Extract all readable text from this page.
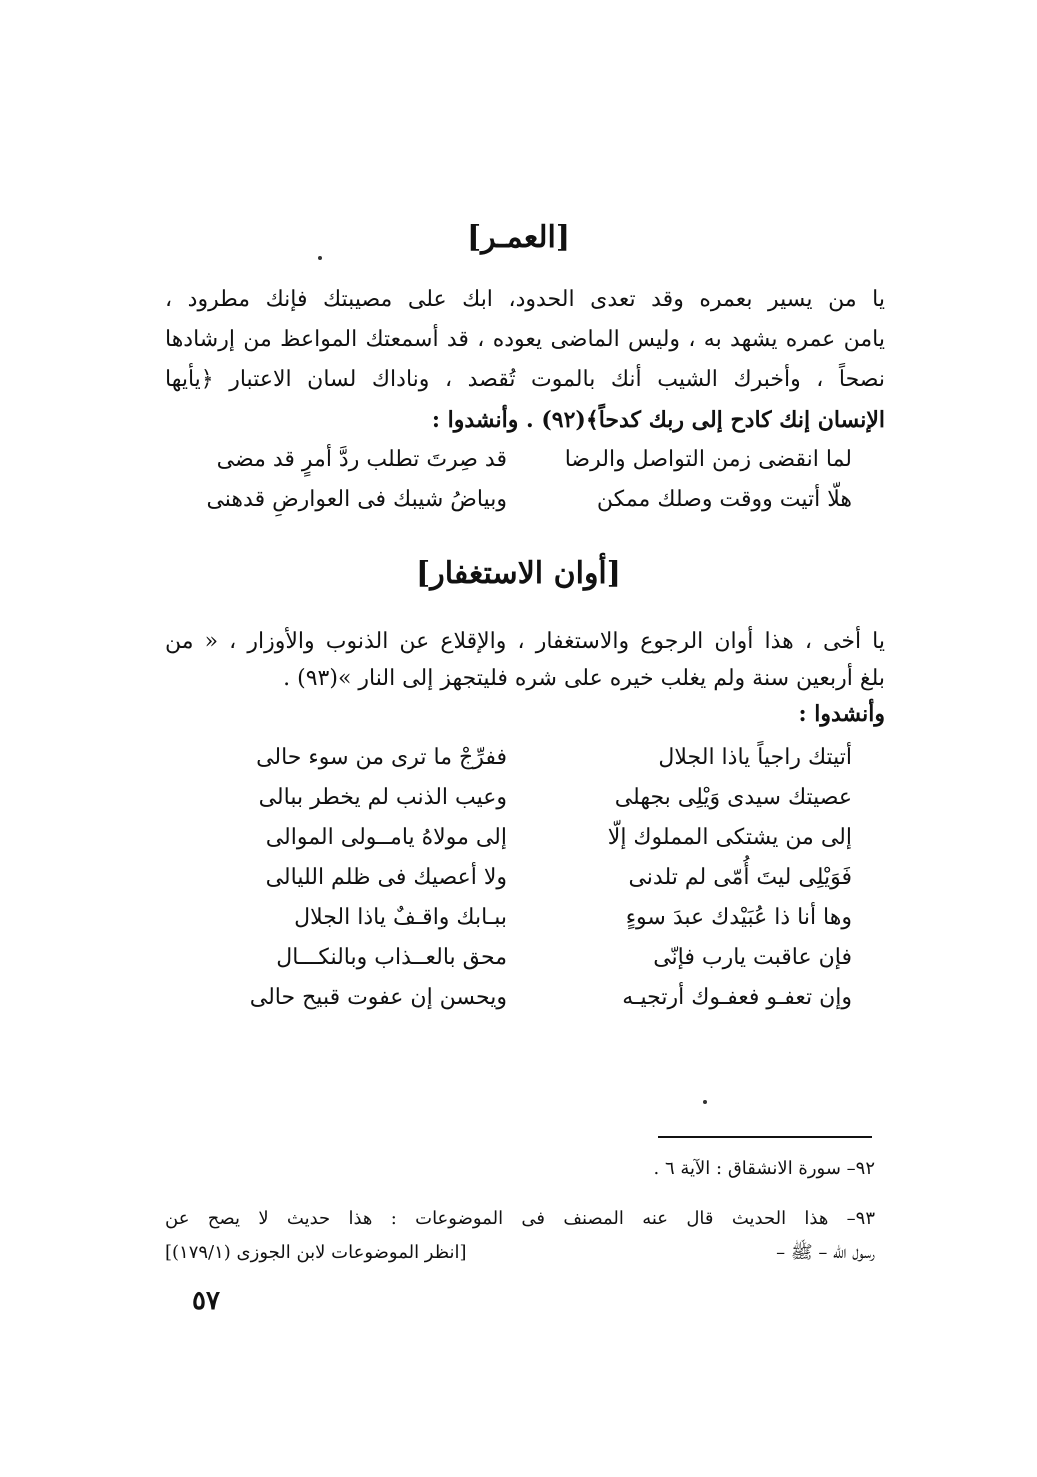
[العمـر]
يا من يسير بعمره وقد تعدى الحدود، ابك على مصيبتك فإنك مطرود ،
يامن عمره يشهد به ، وليس الماضى يعوده ، قد أسمعتك المواعظ من إرشادها
نصحاً ، وأخبرك الشيب أنك بالموت تُقصد ، وناداك لسان الاعتبار ﴿يأيها
الإنسان إنك كادح إلى ربك كدحاً﴾(٩٢) . وأنشدوا :
لما انقضى زمن التواصل والرضا
قد صِرتَ تطلب ردَّ أمرٍ قد مضى
هلّا أتيت ووقت وصلك ممكن
وبياضُ شيبك فى العوارضِ قدهنى
[أوان الاستغفار]
يا أخى ، هذا أوان الرجوع والاستغفار ، والإقلاع عن الذنوب والأوزار ، « من
بلغ أربعين سنة ولم يغلب خيره على شره فليتجهز إلى النار »(٩٣) .
وأنشدوا :
أتيتك راجياً ياذا الجلال
ففرِّجْ ما ترى من سوء حالى
عصيتك سيدى وَيْلِى بجهلى
وعيب الذنب لم يخطر ببالى
إلى من يشتكى المملوك إلّا
إلى مولاهُ يامــولى الموالى
فَوَيْلِى ليتَ أُمّى لم تلدنى
ولا أعصيك فى ظلم الليالى
وها أنا ذا عُبَيْدك عبدَ سوءٍ
ببـابك واقـفٌ ياذا الجلال
فإن عاقبت يارب فإنّى
محق بالعــذاب وبالنكـــال
وإن تعفـو فعفـوك أرتجيـه
ويحسن إن عفوت قبيح حالى
٩٢– سورة الانشقاق : الآية ٦ .
٩٣– هذا الحديث قال عنه المصنف فى الموضوعات : هذا حديث لا يصح عن
رسول الله – ﷺ –
[انظر الموضوعات لابن الجوزى (١٧٩/١)]
٥٧
